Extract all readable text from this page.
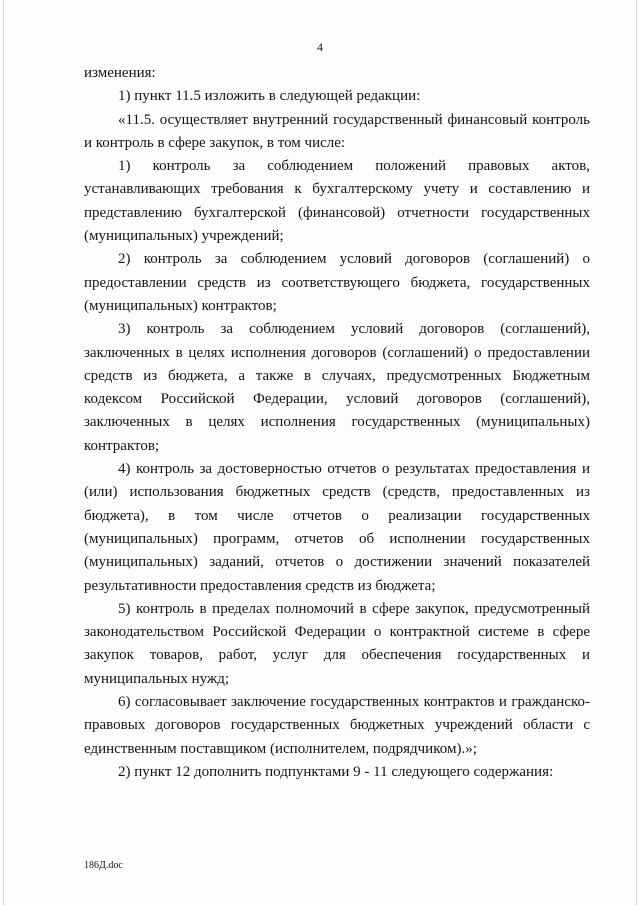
4

изменения:

1) пункт 11.5 изложить в следующей редакции:

«11.5. осуществляет внутренний государственный финансовый контроль и контроль в сфере закупок, в том числе:

1) контроль за соблюдением положений правовых актов, устанавливающих требования к бухгалтерскому учету и составлению и представлению бухгалтерской (финансовой) отчетности государственных (муниципальных) учреждений;

2) контроль за соблюдением условий договоров (соглашений) о предоставлении средств из соответствующего бюджета, государственных (муниципальных) контрактов;

3) контроль за соблюдением условий договоров (соглашений), заключенных в целях исполнения договоров (соглашений) о предоставлении средств из бюджета, а также в случаях, предусмотренных Бюджетным кодексом Российской Федерации, условий договоров (соглашений), заключенных в целях исполнения государственных (муниципальных) контрактов;

4) контроль за достоверностью отчетов о результатах предоставления и (или) использования бюджетных средств (средств, предоставленных из бюджета), в том числе отчетов о реализации государственных (муниципальных) программ, отчетов об исполнении государственных (муниципальных) заданий, отчетов о достижении значений показателей результативности предоставления средств из бюджета;

5) контроль в пределах полномочий в сфере закупок, предусмотренный законодательством Российской Федерации о контрактной системе в сфере закупок товаров, работ, услуг для обеспечения государственных и муниципальных нужд;

6) согласовывает заключение государственных контрактов и гражданско-правовых договоров государственных бюджетных учреждений области с единственным поставщиком (исполнителем, подрядчиком).»;

2) пункт 12 дополнить подпунктами 9 - 11 следующего содержания:

186Д.doc
